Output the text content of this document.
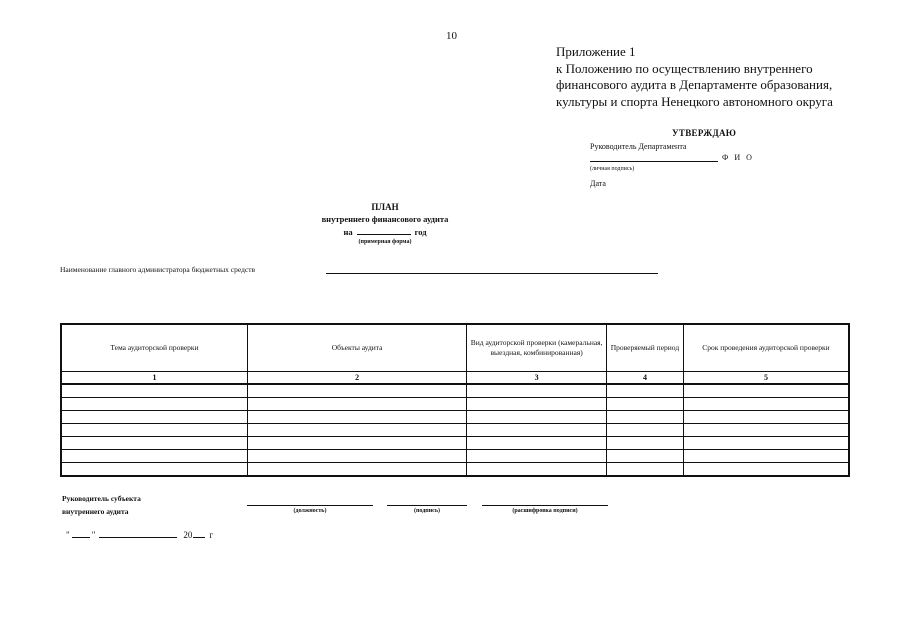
10
Приложение 1
к Положению по осуществлению внутреннего
финансового аудита в Департаменте образования,
культуры и спорта Ненецкого автономного округа
УТВЕРЖДАЮ
Руководитель Департамента
Ф И О
(личная подпись)
Дата
ПЛАН
внутреннего финансового аудита
на	год
(примерная форма)
Наименование главного администратора бюджетных средств
Тема аудиторской проверки	Объекты аудита	Вид аудиторской проверки (камеральная, выездная, комбинированная)	Проверяемый период	Срок проведения аудиторской проверки
1	2	3	4	5

Руководитель субъекта
внутреннего аудита	(должность)	(подпись)	(расшифровка подписи)
" "	20 г
